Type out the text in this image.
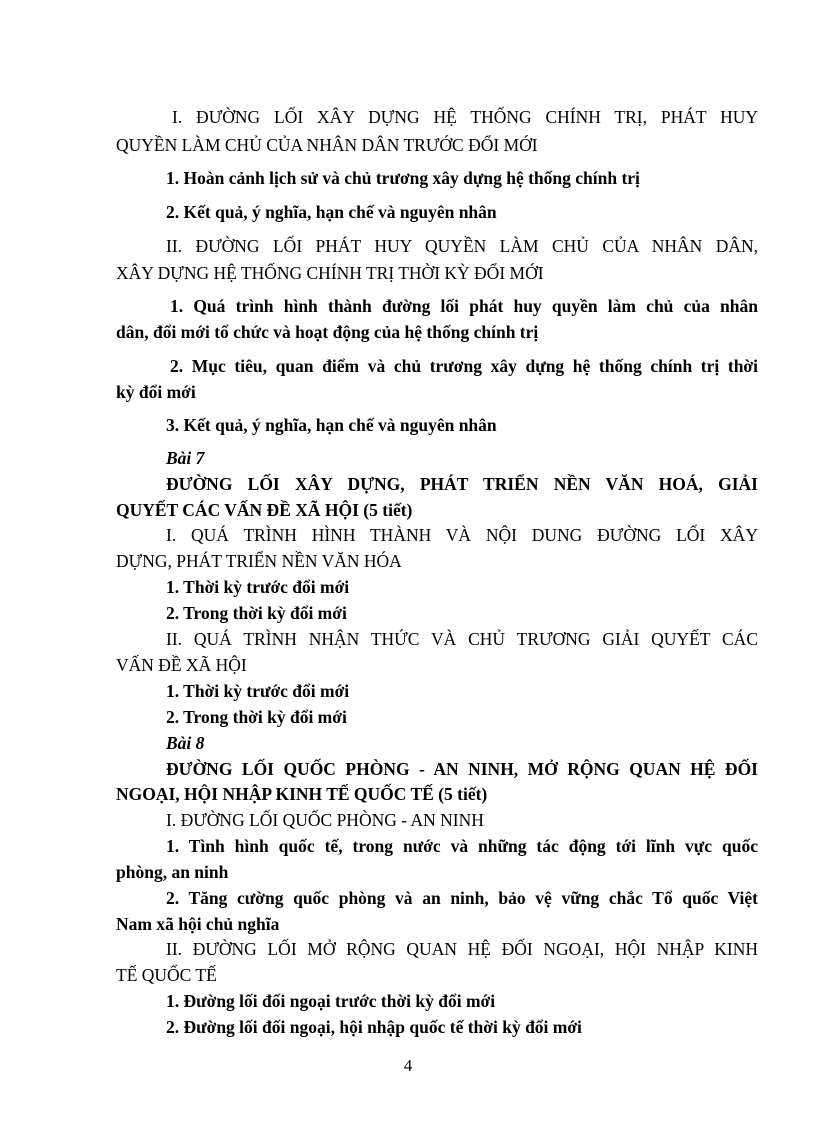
I. ĐƯỜNG LỐI XÂY DỰNG HỆ THỐNG CHÍNH TRỊ, PHÁT HUY
QUYỀN LÀM CHỦ CỦA NHÂN DÂN TRƯỚC ĐỔI MỚI
1. Hoàn cảnh lịch sử và chủ trương xây dựng hệ thống chính trị
2. Kết quả, ý nghĩa, hạn chế và nguyên nhân
II. ĐƯỜNG LỐI PHÁT HUY QUYỀN LÀM CHỦ CỦA NHÂN DÂN,
XÂY DỰNG HỆ THỐNG CHÍNH TRỊ THỜI KỲ ĐỔI MỚI
1. Quá trình hình thành đường lối phát huy quyền làm chủ của nhân
dân, đổi mới tổ chức và hoạt động của hệ thống chính trị
2. Mục tiêu, quan điểm và chủ trương xây dựng hệ thống chính trị thời
kỳ đổi mới
3. Kết quả, ý nghĩa, hạn chế và nguyên nhân
Bài 7
ĐƯỜNG LỐI XÂY DỰNG, PHÁT TRIỂN NỀN VĂN HOÁ, GIẢI
QUYẾT CÁC VẤN ĐỀ XÃ HỘI (5 tiết)
I. QUÁ TRÌNH HÌNH THÀNH VÀ NỘI DUNG ĐƯỜNG LỐI XÂY
DỰNG, PHÁT TRIỂN NỀN VĂN HÓA
1. Thời kỳ trước đổi mới
2. Trong thời kỳ đổi mới
II. QUÁ TRÌNH NHẬN THỨC VÀ CHỦ TRƯƠNG GIẢI QUYẾT CÁC
VẤN ĐỀ XÃ HỘI
1. Thời kỳ trước đổi mới
2. Trong thời kỳ đổi mới
Bài 8
ĐƯỜNG LỐI QUỐC PHÒNG - AN NINH, MỞ RỘNG QUAN HỆ ĐỐI
NGOẠI, HỘI NHẬP KINH TẾ QUỐC TẾ (5 tiết)
I. ĐƯỜNG LỐI QUỐC PHÒNG - AN NINH
1. Tình hình quốc tế, trong nước và những tác động tới lĩnh vực quốc
phòng, an ninh
2. Tăng cường quốc phòng và an ninh, bảo vệ vững chắc Tổ quốc Việt
Nam xã hội chủ nghĩa
II. ĐƯỜNG LỐI MỞ RỘNG QUAN HỆ ĐỐI NGOẠI, HỘI NHẬP KINH
TẾ QUỐC TẾ
1. Đường lối đối ngoại trước thời kỳ đổi mới
2. Đường lối đối ngoại, hội nhập quốc tế thời kỳ đổi mới
4
